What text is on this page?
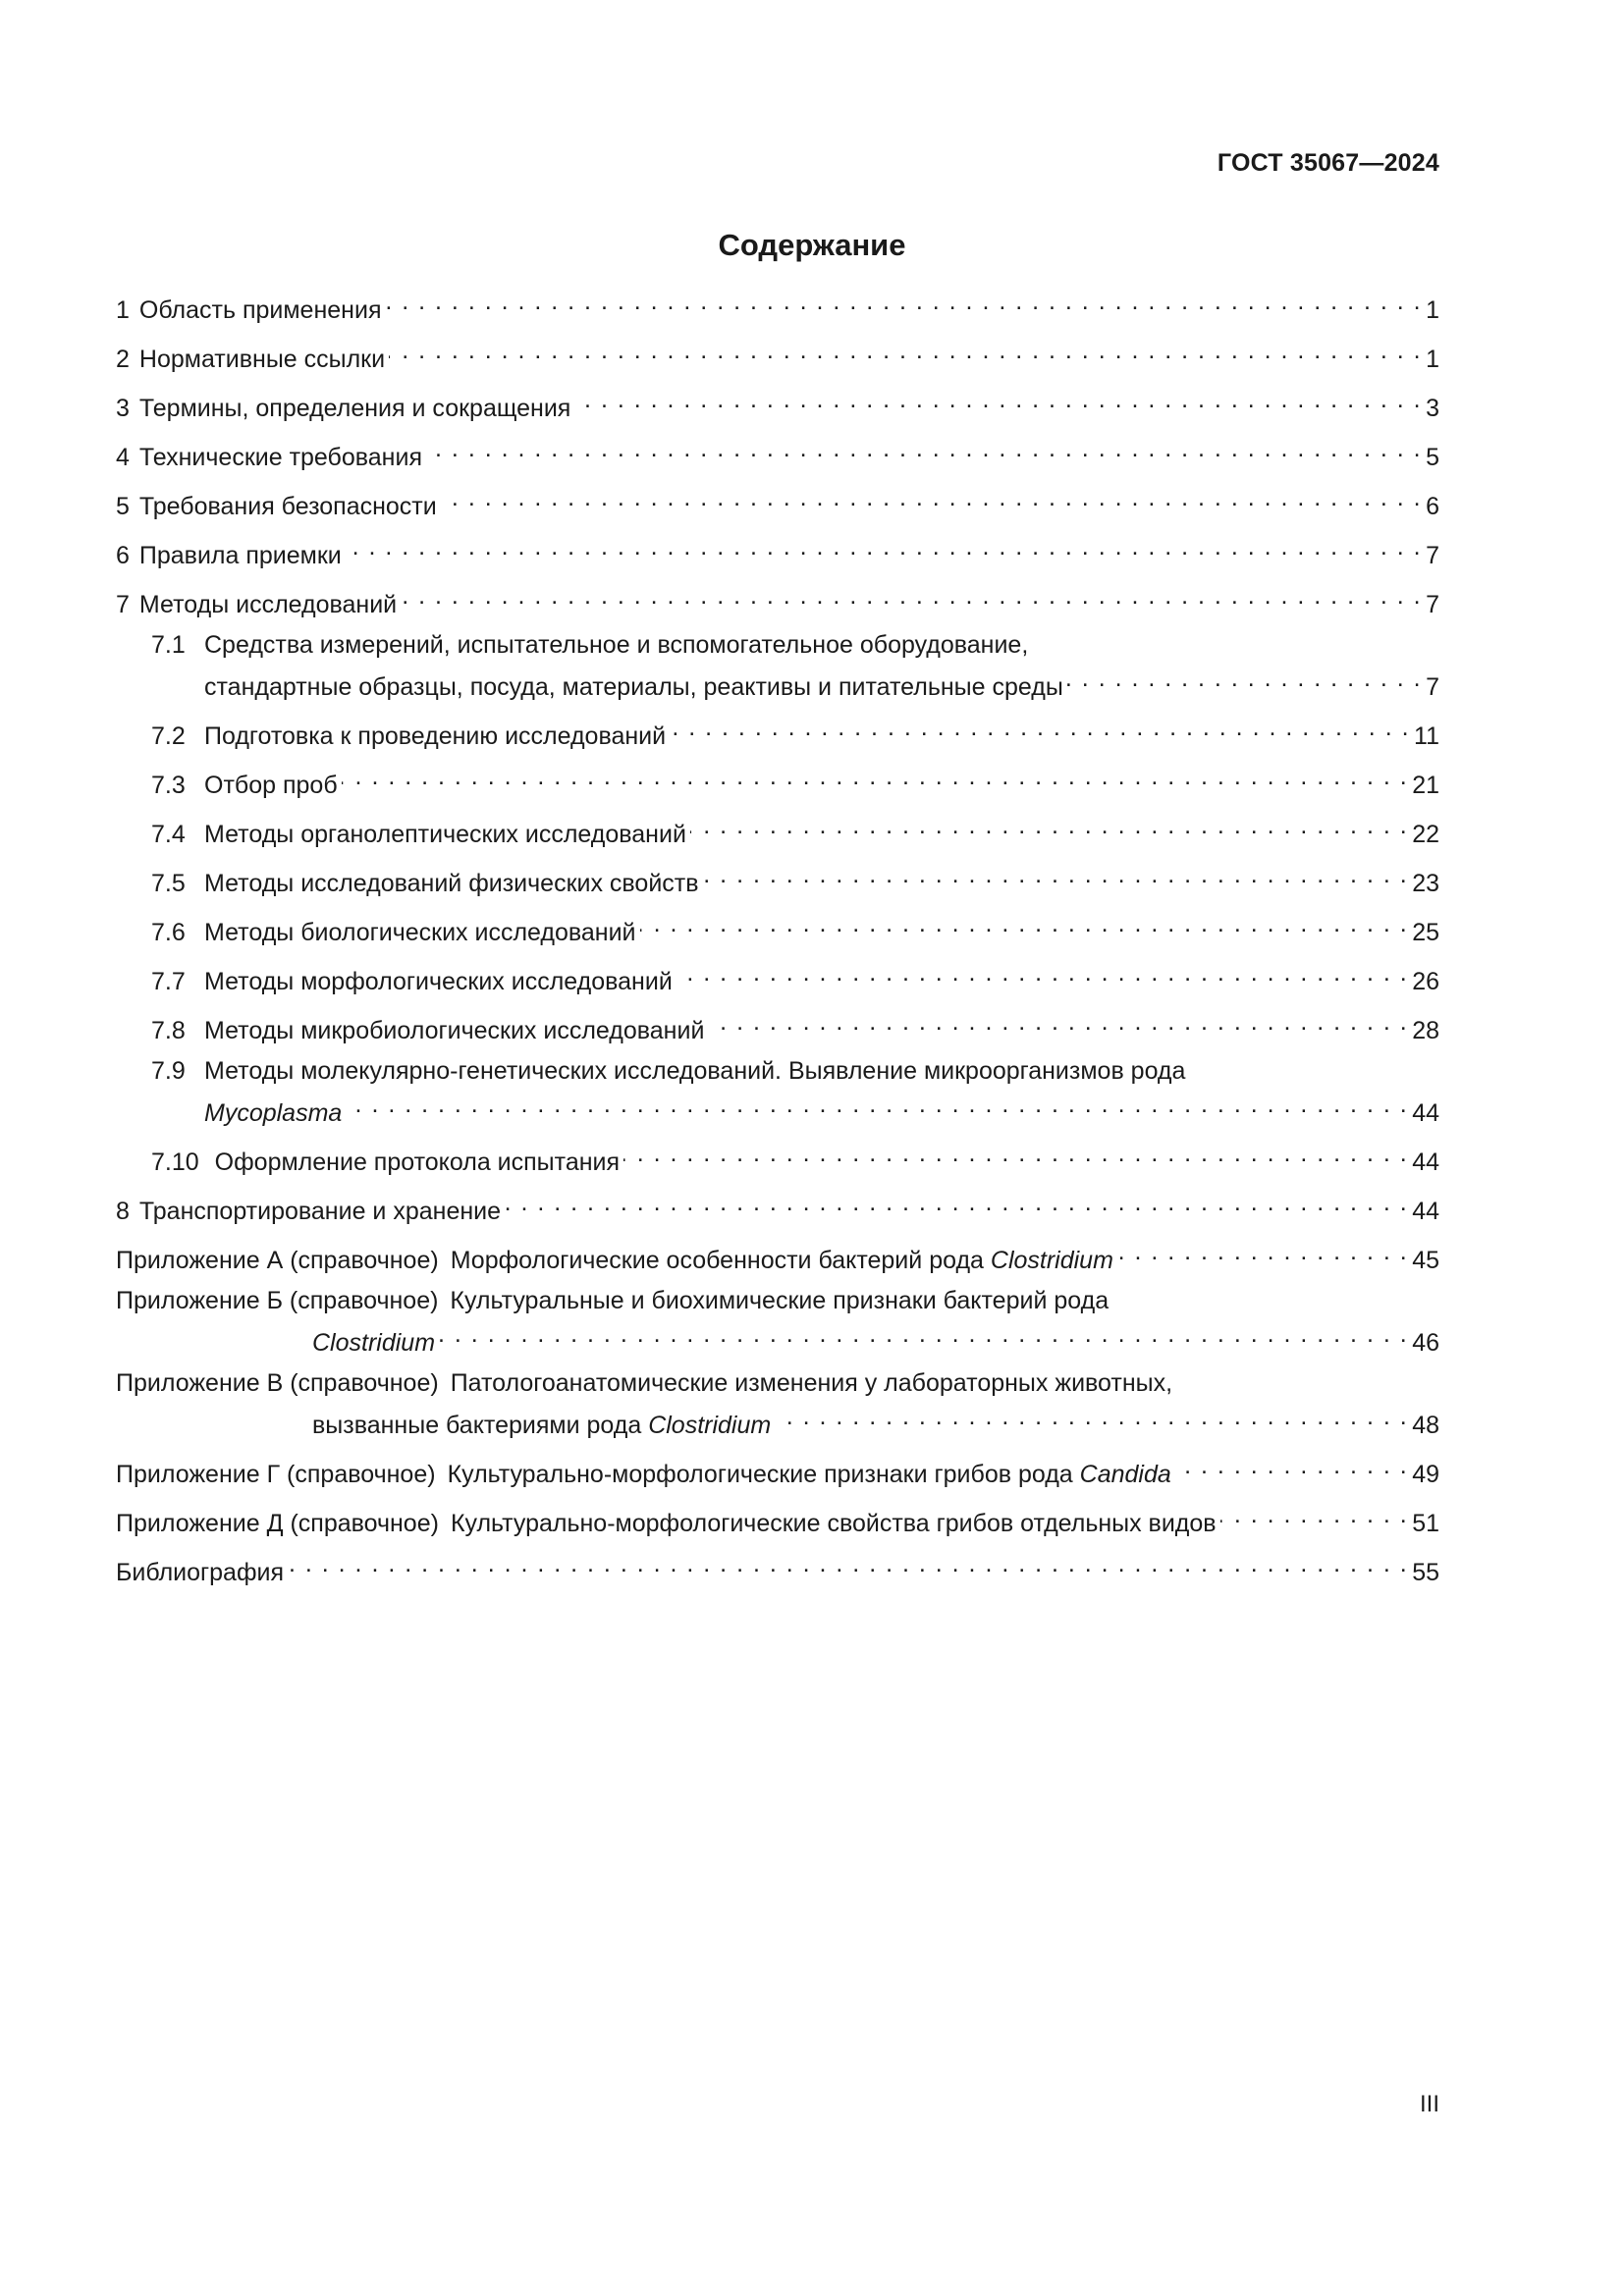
ГОСТ 35067—2024
Содержание
1 Область применения . . .	1
2 Нормативные ссылки . . .	1
3 Термины, определения и сокращения . . .	3
4 Технические требования . . .	5
5 Требования безопасности . . .	6
6 Правила приемки . . .	7
7 Методы исследований . . .	7
7.1 Средства измерений, испытательное и вспомогательное оборудование,
стандартные образцы, посуда, материалы, реактивы и питательные среды . . .	7
7.2 Подготовка к проведению исследований . . .	11
7.3 Отбор проб . . .	21
7.4 Методы органолептических исследований . . .	22
7.5 Методы исследований физических свойств . . .	23
7.6 Методы биологических исследований . . .	25
7.7 Методы морфологических исследований . . .	26
7.8 Методы микробиологических исследований . . .	28
7.9 Методы молекулярно-генетических исследований. Выявление микроорганизмов рода
Mycoplasma . . .	44
7.10 Оформление протокола испытания . . .	44
8 Транспортирование и хранение . . .	44
Приложение А (справочное) Морфологические особенности бактерий рода Clostridium . . .	45
Приложение Б (справочное) Культуральные и биохимические признаки бактерий рода
Clostridium . . .	46
Приложение В (справочное) Патологоанатомические изменения у лабораторных животных,
вызванные бактериями рода Clostridium . . .	48
Приложение Г (справочное) Культурально-морфологические признаки грибов рода Candida . . .	49
Приложение Д (справочное) Культурально-морфологические свойства грибов отдельных видов . . .	51
Библиография . . .	55
III
